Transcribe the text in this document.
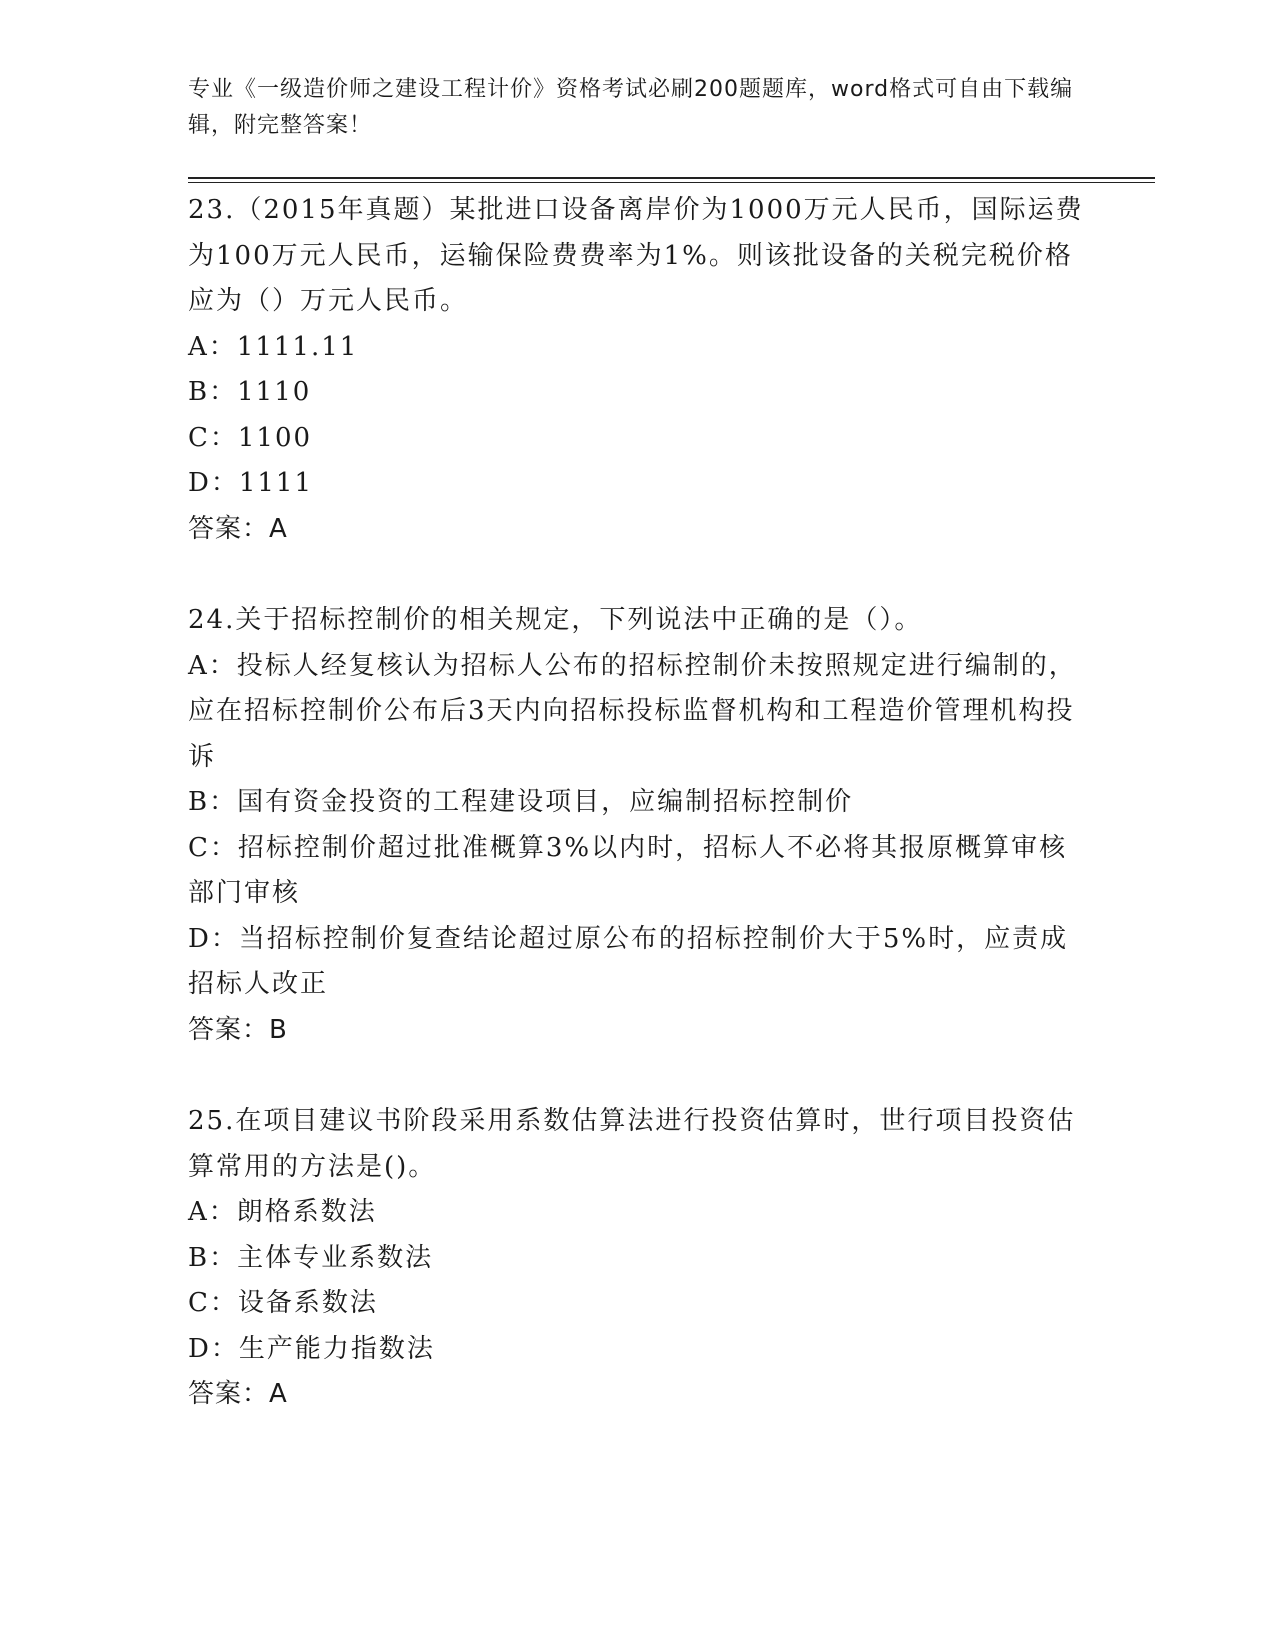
专业《一级造价师之建设工程计价》资格考试必刷200题题库，word格式可自由下载编辑，附完整答案！

23.（2015年真题）某批进口设备离岸价为1000万元人民币，国际运费为100万元人民币，运输保险费费率为1%。则该批设备的关税完税价格应为（）万元人民币。

A：1111.11

B：1110

C：1100

D：1111

答案：A

24.关于招标控制价的相关规定，下列说法中正确的是（）。

A：投标人经复核认为招标人公布的招标控制价未按照规定进行编制的，应在招标控制价公布后3天内向招标投标监督机构和工程造价管理机构投诉

B：国有资金投资的工程建设项目，应编制招标控制价

C：招标控制价超过批准概算3%以内时，招标人不必将其报原概算审核部门审核

D：当招标控制价复查结论超过原公布的招标控制价大于5%时，应责成招标人改正

答案：B

25.在项目建议书阶段采用系数估算法进行投资估算时，世行项目投资估算常用的方法是()。

A：朗格系数法

B：主体专业系数法

C：设备系数法

D：生产能力指数法

答案：A
